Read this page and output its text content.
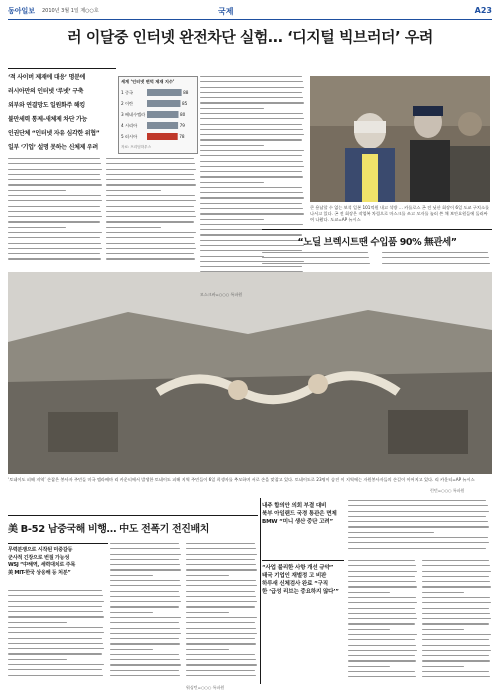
동아일보 2010년 3월 1일 제○○호	국제	A23
러 이달중 인터넷 완전차단 실험… ‘디지털 빅브러더’ 우려

‘적 사이버 제재에 대응’ 명분에

러시아만의 인터넷 ‘루넷’ 구축

외부와 연결망도 일원화주 해킹

불만세력 통제-새체제 차단 가능

인권단체 “인터넷 자유 심각한 위협”

일부 ‘기업’ 설명 못하는 신체제 우려

세계 ‘인터넷 변덕 제재 지수’
1 중국	88
2 이란	85
3 베네수엘라	80
4 시리아	79
5 러시아	78
자료: 프리덤하우스
큰 용납할 수 없는 보석 일본 101억원 내고 석방 … 카를로스 곤 전 닛산 회장이 6일 도쿄 구치소를 나서고 있다. 곤 전 회장은 작업복 차림으로 마스크를 쓰고 모자를 눌러 쓴 채 보안요원들에 둘러싸여 나왔다. 도쿄=AP 뉴시스
“노딜 브렉시트땐 수입품 90% 無관세”
‘토네이도 피해 지역’ 손잡은 봉사자 주민들 미국 앨라배마 리 카운티에서 발생한 토네이도 피해 지역 주민들이 6일 희생자를 추모하며 서로 손을 맞잡고 있다. 토네이도로 23명이 숨진 이 지역에는 자원봉사자들의 손길이 이어지고 있다. 리 카운티=AP 뉴시스
美 B-52 남중국해 비행… 中도 전폭기 전진배치

무력분쟁으로 시작된 미중갈등

군사적 긴장으로 번질 가능성

WSJ “中해역, 세력대치로 주목

美 MIT-한국 상응해 등 처분”

내주 합의안 의회 부결 대비

북부 아일랜드 국경 통관은 면제

BMW “미니 생산 중단 고려”

“사업 불리한 사항 개선 규약”

태국 기업인 재벌정 고 비판

하루새 신체검사 완료 “구직

한 ‘급성 리브는 중요하지 않다’”

모스크바=○○○ 특파원
런던=○○○ 특파원
워싱턴=○○○ 특파원
